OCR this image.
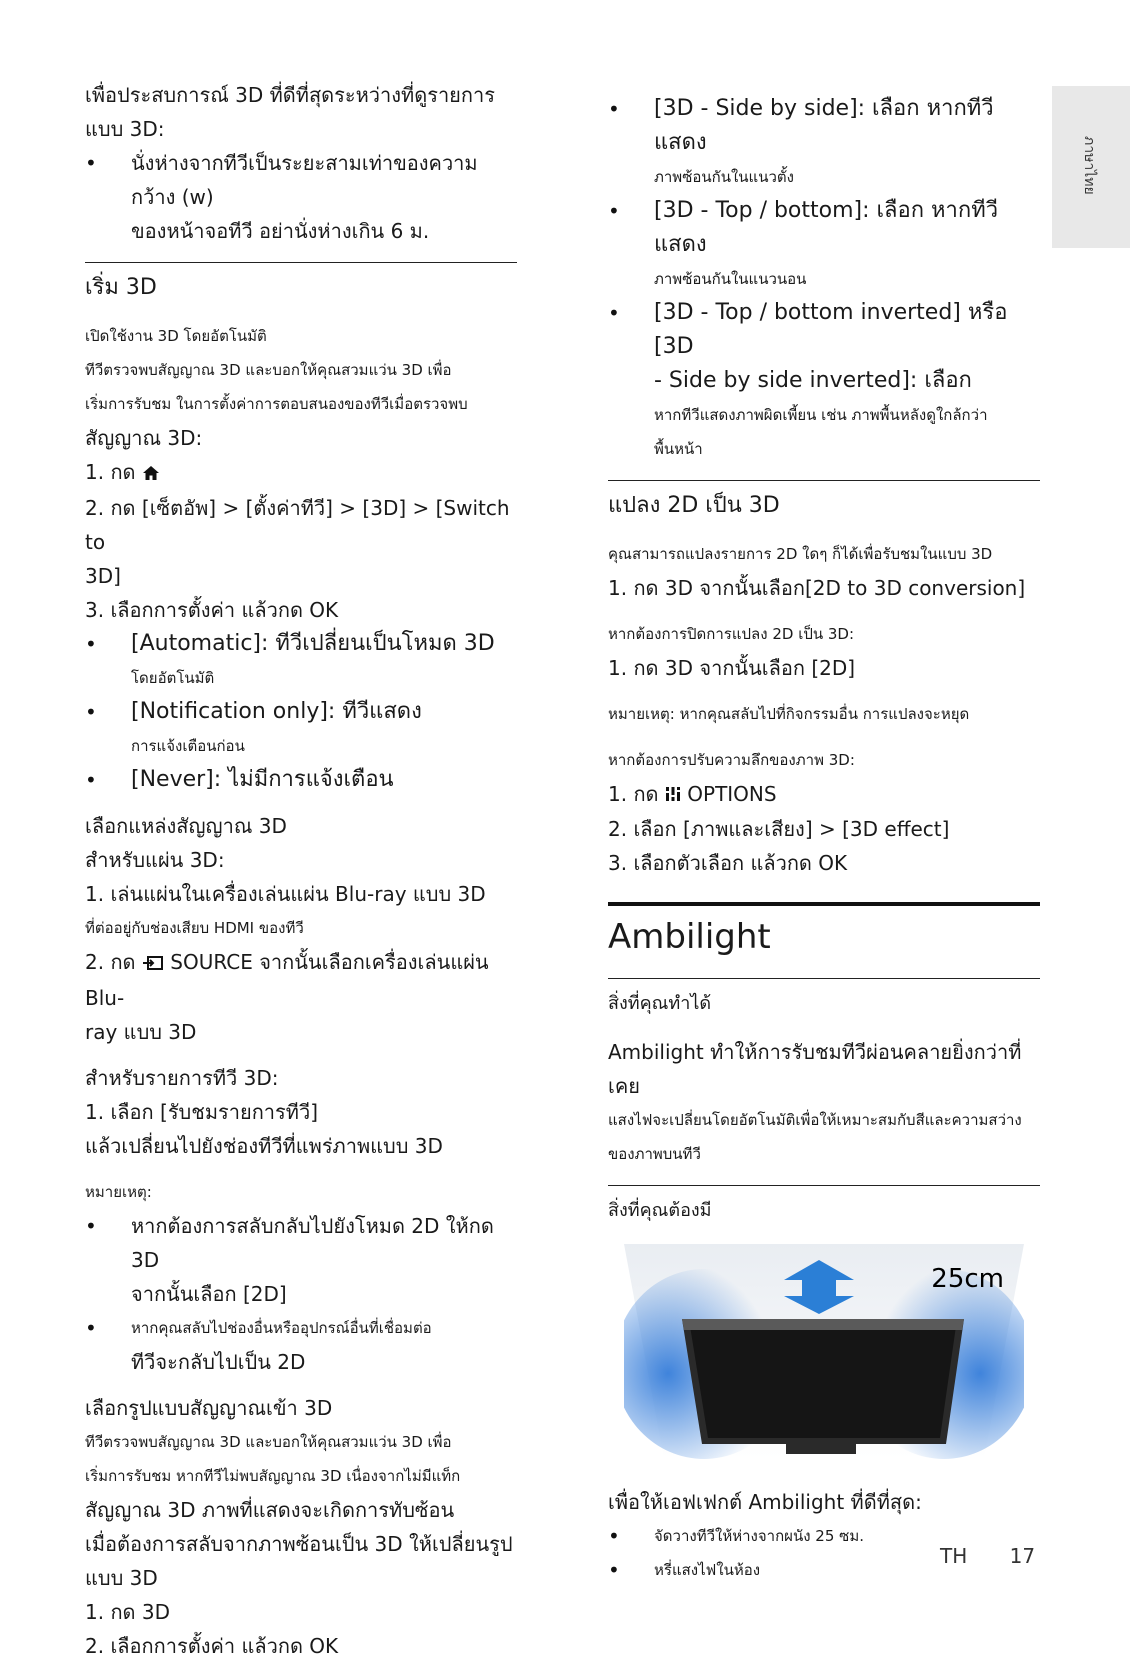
ภาษาไทย

เพื่อประสบการณ์ 3D ที่ดีที่สุดระหว่างที่ดูรายการแบบ 3D:

• นั่งห่างจากทีวีเป็นระยะสามเท่าของความกว้าง (w)
ของหน้าจอทีวี อย่านั่งห่างเกิน 6 ม.
เริ่ม 3D

เปิดใช้งาน 3D โดยอัตโนมัติ

ทีวีตรวจพบสัญญาณ 3D และบอกให้คุณสวมแว่น 3D เพื่อ

เริ่มการรับชม ในการตั้งค่าการตอบสนองของทีวีเมื่อตรวจพบ

สัญญาณ 3D:

1. กด

2. กด [เซ็ตอัพ] > [ตั้งค่าทีวี] > [3D] > [Switch to

3D]

3. เลือกการตั้งค่า แล้วกด OK

• [Automatic]: ทีวีเปลี่ยนเป็นโหมด 3D
โดยอัตโนมัติ
• [Notification only]: ทีวีแสดง
การแจ้งเตือนก่อน
• [Never]: ไม่มีการแจ้งเตือน

เลือกแหล่งสัญญาณ 3D

สำหรับแผ่น 3D:

1. เล่นแผ่นในเครื่องเล่นแผ่น Blu-ray แบบ 3D

ที่ต่ออยู่กับช่องเสียบ HDMI ของทีวี

2. กด SOURCE จากนั้นเลือกเครื่องเล่นแผ่น Blu-

ray แบบ 3D

สำหรับรายการทีวี 3D:

1. เลือก [รับชมรายการทีวี]

แล้วเปลี่ยนไปยังช่องทีวีที่แพร่ภาพแบบ 3D

หมายเหตุ:

• หากต้องการสลับกลับไปยังโหมด 2D ให้กด 3D
จากนั้นเลือก [2D]
• หากคุณสลับไปช่องอื่นหรืออุปกรณ์อื่นที่เชื่อมต่อ
ทีวีจะกลับไปเป็น 2D

เลือกรูปแบบสัญญาณเข้า 3D

ทีวีตรวจพบสัญญาณ 3D และบอกให้คุณสวมแว่น 3D เพื่อ

เริ่มการรับชม หากทีวีไม่พบสัญญาณ 3D เนื่องจากไม่มีแท็ก

สัญญาณ 3D ภาพที่แสดงจะเกิดการทับซ้อน

เมื่อต้องการสลับจากภาพซ้อนเป็น 3D ให้เปลี่ยนรูปแบบ 3D

1. กด 3D

2. เลือกการตั้งค่า แล้วกด OK

• [3D - Side by side]: เลือก หากทีวีแสดง
ภาพซ้อนกันในแนวตั้ง
• [3D - Top / bottom]: เลือก หากทีวีแสดง
ภาพซ้อนกันในแนวนอน
• [3D - Top / bottom inverted] หรือ [3D
- Side by side inverted]: เลือก
หากทีวีแสดงภาพผิดเพี้ยน เช่น ภาพพื้นหลังดูใกล้กว่า
พื้นหน้า
แปลง 2D เป็น 3D

คุณสามารถแปลงรายการ 2D ใดๆ ก็ได้เพื่อรับชมในแบบ 3D

1. กด 3D จากนั้นเลือก[2D to 3D conversion]

หากต้องการปิดการแปลง 2D เป็น 3D:

1. กด 3D จากนั้นเลือก [2D]

หมายเหตุ: หากคุณสลับไปที่กิจกรรมอื่น การแปลงจะหยุด

หากต้องการปรับความลึกของภาพ 3D:

1. กด OPTIONS

2. เลือก [ภาพและเสียง] > [3D effect]

3. เลือกตัวเลือก แล้วกด OK

Ambilight
สิ่งที่คุณทำได้

Ambilight ทำให้การรับชมทีวีผ่อนคลายยิ่งกว่าที่เคย

แสงไฟจะเปลี่ยนโดยอัตโนมัติเพื่อให้เหมาะสมกับสีและความสว่าง

ของภาพบนทีวี

สิ่งที่คุณต้องมี
25cm

เพื่อให้เอฟเฟกต์ Ambilight ที่ดีที่สุด:

• จัดวางทีวีให้ห่างจากผนัง 25 ซม.
• หรี่แสงไฟในห้อง
TH 17
